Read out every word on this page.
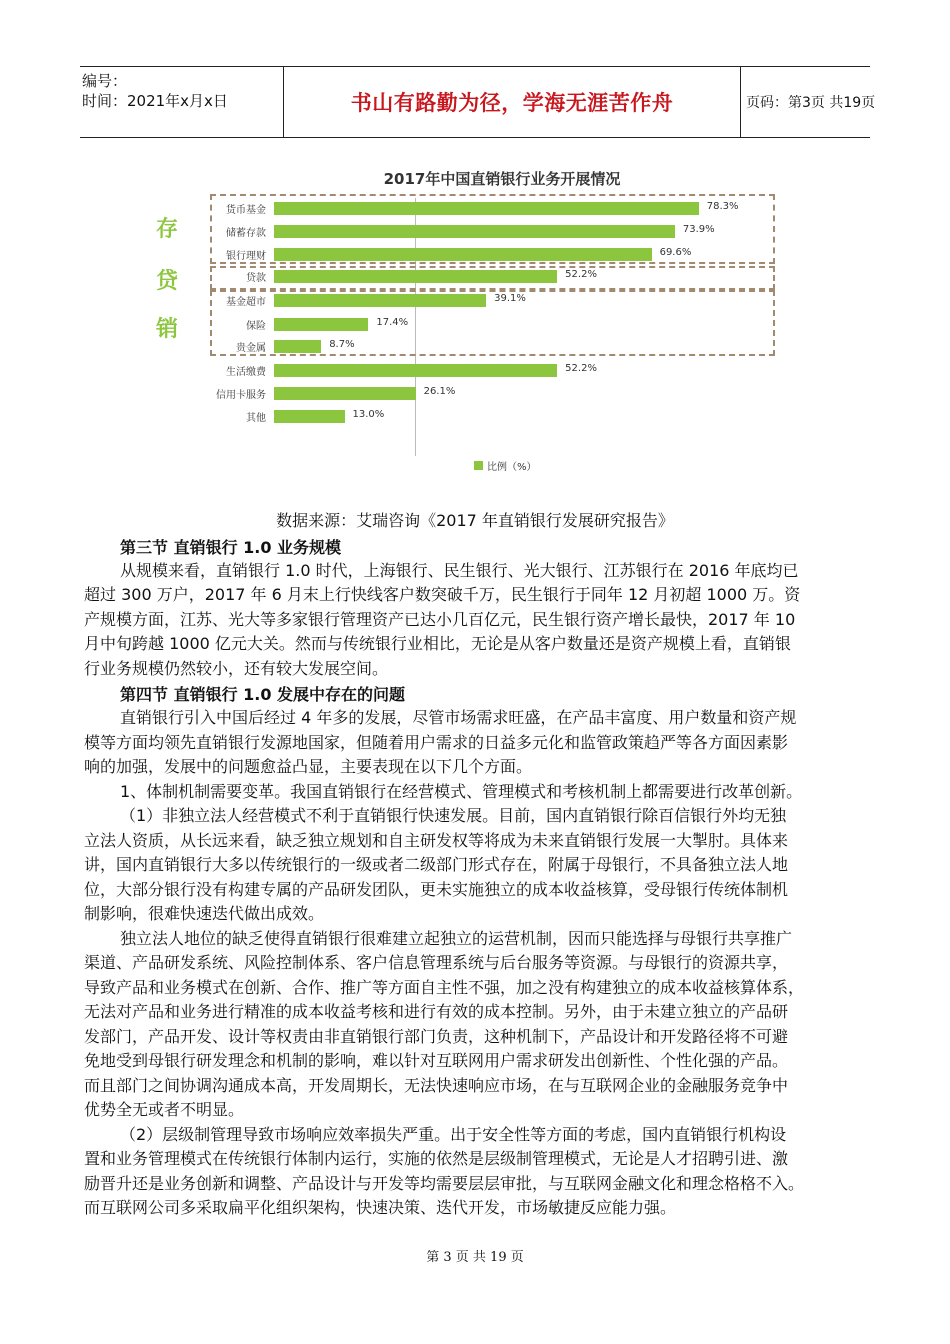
编号：
时间：2021年x月x日	书山有路勤为径，学海无涯苦作舟	页码：第3页 共19页
2017年中国直销银行业务开展情况
存
贷
销
比例（%）
货币基金	78.3%
储蓄存款	73.9%
银行理财	69.6%
贷款	52.2%
基金超市	39.1%
保险	17.4%
贵金属	8.7%
生活缴费	52.2%
信用卡服务	26.1%
其他	13.0%
数据来源：艾瑞咨询《2017 年直销银行发展研究报告》
第三节 直销银行 1.0 业务规模
从规模来看，直销银行 1.0 时代，上海银行、民生银行、光大银行、江苏银行在 2016 年底均已
超过 300 万户，2017 年 6 月末上行快线客户数突破千万，民生银行于同年 12 月初超 1000 万。资
产规模方面，江苏、光大等多家银行管理资产已达小几百亿元，民生银行资产增长最快，2017 年 10
月中旬跨越 1000 亿元大关。然而与传统银行业相比，无论是从客户数量还是资产规模上看，直销银
行业务规模仍然较小，还有较大发展空间。
第四节 直销银行 1.0 发展中存在的问题
直销银行引入中国后经过 4 年多的发展，尽管市场需求旺盛，在产品丰富度、用户数量和资产规
模等方面均领先直销银行发源地国家，但随着用户需求的日益多元化和监管政策趋严等各方面因素影
响的加强，发展中的问题愈益凸显，主要表现在以下几个方面。
1、体制机制需要变革。我国直销银行在经营模式、管理模式和考核机制上都需要进行改革创新。
（1）非独立法人经营模式不利于直销银行快速发展。目前，国内直销银行除百信银行外均无独
立法人资质，从长远来看，缺乏独立规划和自主研发权等将成为未来直销银行发展一大掣肘。具体来
讲，国内直销银行大多以传统银行的一级或者二级部门形式存在，附属于母银行，不具备独立法人地
位，大部分银行没有构建专属的产品研发团队，更未实施独立的成本收益核算，受母银行传统体制机
制影响，很难快速迭代做出成效。
独立法人地位的缺乏使得直销银行很难建立起独立的运营机制，因而只能选择与母银行共享推广
渠道、产品研发系统、风险控制体系、客户信息管理系统与后台服务等资源。与母银行的资源共享，
导致产品和业务模式在创新、合作、推广等方面自主性不强，加之没有构建独立的成本收益核算体系，
无法对产品和业务进行精准的成本收益考核和进行有效的成本控制。另外，由于未建立独立的产品研
发部门，产品开发、设计等权责由非直销银行部门负责，这种机制下，产品设计和开发路径将不可避
免地受到母银行研发理念和机制的影响，难以针对互联网用户需求研发出创新性、个性化强的产品。
而且部门之间协调沟通成本高，开发周期长，无法快速响应市场，在与互联网企业的金融服务竞争中
优势全无或者不明显。
（2）层级制管理导致市场响应效率损失严重。出于安全性等方面的考虑，国内直销银行机构设
置和业务管理模式在传统银行体制内运行，实施的依然是层级制管理模式，无论是人才招聘引进、激
励晋升还是业务创新和调整、产品设计与开发等均需要层层审批，与互联网金融文化和理念格格不入。
而互联网公司多采取扁平化组织架构，快速决策、迭代开发，市场敏捷反应能力强。
第 3 页 共 19 页
